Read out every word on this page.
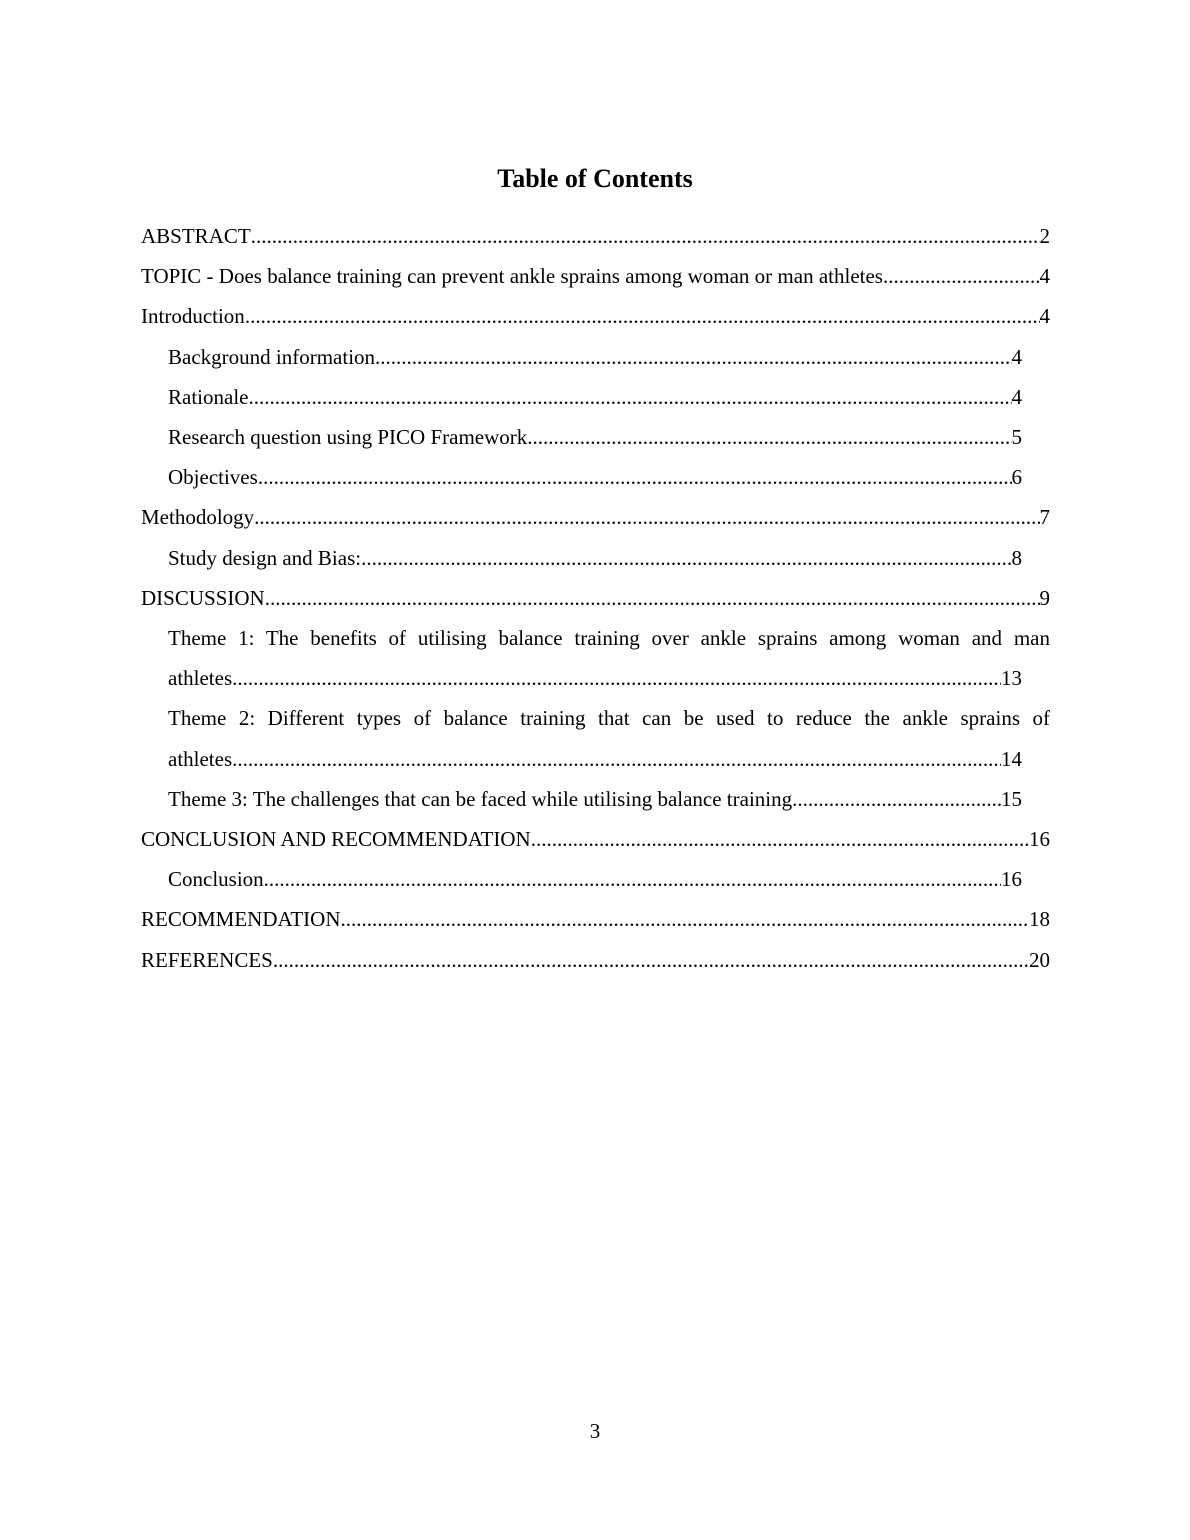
Table of Contents
ABSTRACT .....	2
TOPIC - Does balance training can prevent ankle sprains among woman or man athletes .....	4
Introduction .....	4
Background information .....	4
Rationale .....	4
Research question using PICO Framework .....	5
Objectives .....	6
Methodology .....	7
Study design and Bias: .....	8
DISCUSSION .....	9
Theme 1: The benefits of utilising balance training over ankle sprains among woman and man
athletes .....	13
Theme 2: Different types of balance training that can be used to reduce the ankle sprains of
athletes .....	14
Theme 3: The challenges that can be faced while utilising balance training .....	15
CONCLUSION AND RECOMMENDATION .....	16
Conclusion .....	16
RECOMMENDATION .....	18
REFERENCES .....	20
3
